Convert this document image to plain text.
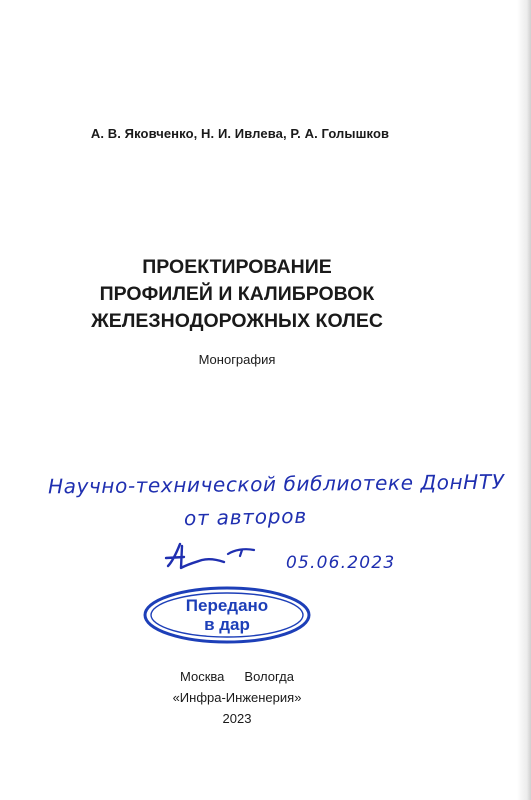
А. В. Яковченко, Н. И. Ивлева, Р. А. Голышков
ПРОЕКТИРОВАНИЕ
ПРОФИЛЕЙ И КАЛИБРОВОК
ЖЕЛЕЗНОДОРОЖНЫХ КОЛЕС
Монография
Научно-технической библиотеке ДонНТУ
от авторов
05.06.2023
Передано
в дар
Москва Вологда
«Инфра-Инженерия»
2023
